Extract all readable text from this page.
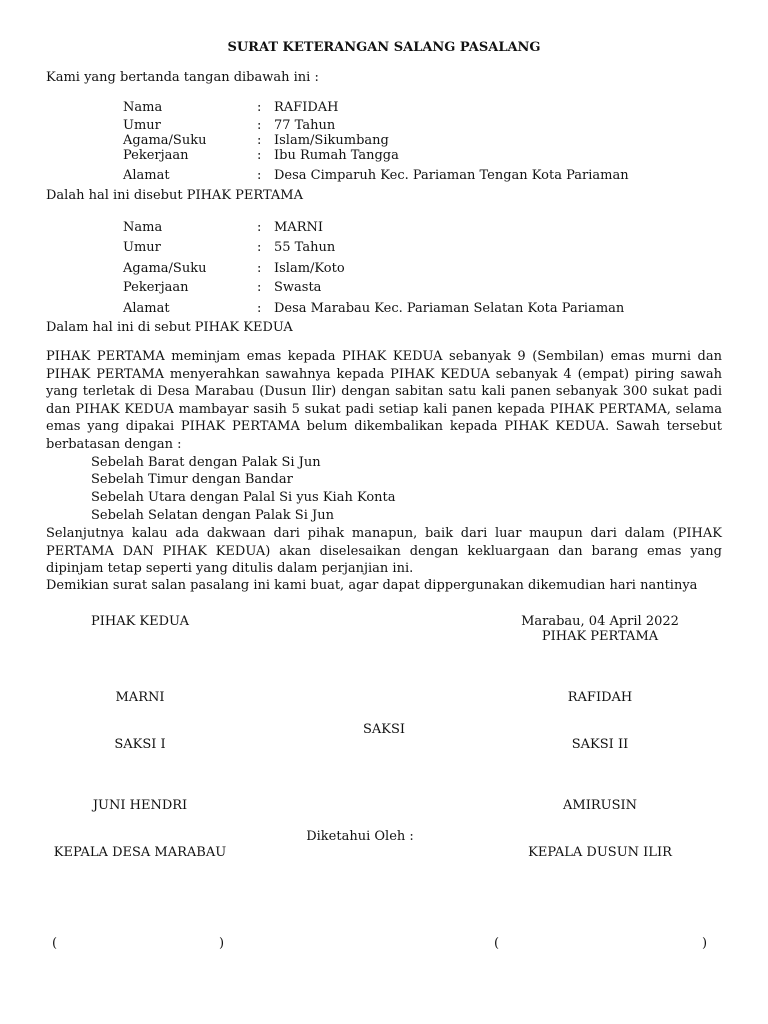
SURAT KETERANGAN SALANG PASALANG
Kami yang bertanda tangan dibawah ini :
Nama	: RAFIDAH
Umur	: 77 Tahun
Agama/Suku	: Islam/Sikumbang
Pekerjaan	: Ibu Rumah Tangga
Alamat	: Desa Cimparuh Kec. Pariaman Tengan Kota Pariaman
Dalah hal ini disebut PIHAK PERTAMA
Nama	: MARNI
Umur	: 55 Tahun
Agama/Suku	: Islam/Koto
Pekerjaan	: Swasta
Alamat	: Desa Marabau Kec. Pariaman Selatan Kota Pariaman
Dalam hal ini di sebut PIHAK KEDUA
PIHAK PERTAMA meminjam emas kepada PIHAK KEDUA sebanyak 9 (Sembilan) emas murni dan PIHAK PERTAMA menyerahkan sawahnya kepada PIHAK KEDUA sebanyak 4 (empat) piring sawah yang terletak di Desa Marabau (Dusun Ilir) dengan sabitan satu kali panen sebanyak 300 sukat padi dan PIHAK KEDUA mambayar sasih 5 sukat padi setiap kali panen kepada PIHAK PERTAMA, selama emas yang dipakai PIHAK PERTAMA belum dikembalikan kepada PIHAK KEDUA. Sawah tersebut berbatasan dengan :
Sebelah Barat dengan Palak Si Jun
Sebelah Timur dengan Bandar
Sebelah Utara dengan Palal Si yus Kiah Konta
Sebelah Selatan dengan Palak Si Jun
Selanjutnya kalau ada dakwaan dari pihak manapun, baik dari luar maupun dari dalam (PIHAK PERTAMA DAN PIHAK KEDUA) akan diselesaikan dengan kekluargaan dan barang emas yang dipinjam tetap seperti yang ditulis dalam perjanjian ini.
Demikian surat salan pasalang ini kami buat, agar dapat dippergunakan dikemudian hari nantinya
PIHAK KEDUA	Marabau, 04 April 2022
PIHAK PERTAMA
MARNI	RAFIDAH
SAKSI
SAKSI I	SAKSI II
JUNI HENDRI	AMIRUSIN
Diketahui Oleh :
KEPALA DESA MARABAU	KEPALA DUSUN ILIR
(	)	(	)
